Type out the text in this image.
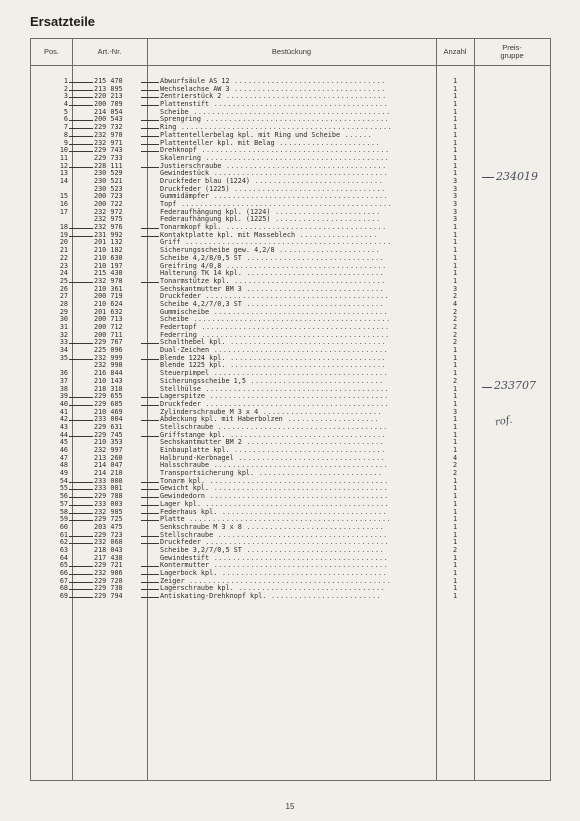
Ersatzteile
Pos.	Art.-Nr.	Bestückung	Anzahl	Preis-
gruppe
1	215 470	Abwurfsäule AS 12 .................................	1
2	213 895	Wechselachse AW 3 .................................	1
3	220 213	Zentrierstück 2 ...................................	1
4	200 709	Plattenstift ......................................	1
5	214 054	Scheibe ...........................................	1
6	200 543	Sprengring ........................................	1
7	229 732	Ring ..............................................	1
8	232 970	Plattentellerbelag kpl. mit Ring und Scheibe ......	1
9	232 971	Plattenteller kpl. mit Belag ......................	1
10	229 743	Drehknopf .........................................	1
11	229 733	Skalenring ........................................	1
12	228 111	Justierschraube ...................................	1
13	230 529	Gewindestück ......................................	1
14	230 521	Druckfeder blau (1224) ............................	3
230 523	Druckfeder (1225) .................................	3
15	200 723	Gummidämpfer ......................................	3
16	200 722	Topf ..............................................	3
17	232 972	Federaufhängung kpl. (1224) .......................	3
232 975	Federaufhängung kpl. (1225) .......................	3
18	232 976	Tonarmkopf kpl. ...................................	1
19	231 992	Kontaktplatte kpl. mit Masseblech .................	1
20	201 132	Griff .............................................	1
21	210 182	Sicherungsscheibe gew. 4,2/8 ......................	1
22	210 630	Scheibe 4,2/8/0,5 ST ..............................	1
23	210 197	Greifring 4/0,8 ...................................	1
24	215 430	Halterung TK 14 kpl. ..............................	1
25	232 978	Tonarmstütze kpl. .................................	1
26	210 361	Sechskantmutter BM 3 ..............................	3
27	200 719	Druckfeder ........................................	2
28	210 624	Scheibe 4,2/7/0,3 ST ..............................	4
29	201 632	Gummischeibe ......................................	2
30	200 713	Scheibe ...........................................	2
31	200 712	Federtopf .........................................	2
32	200 711	Federring .........................................	2
33	229 767	Schalthebel kpl. ..................................	2
34	225 096	Dual-Zeichen ......................................	1
35	232 999	Blende 1224 kpl. ..................................	1
232 998	Blende 1225 kpl. ..................................	1
36	216 844	Steuerpimpel ......................................	1
37	210 143	Sicherungsscheibe 1,5 .............................	2
38	218 318	Stellhülse ........................................	1
39	229 655	Lagerspitze .......................................	1
40	229 685	Druckfeder ........................................	1
41	210 469	Zylinderschraube M 3 x 4 ..........................	3
42	233 004	Abdeckung kpl. mit Haberbolzen ....................	1
43	229 631	Stellschraube .....................................	1
44	229 745	Griffstange kpl. ..................................	1
45	210 353	Sechskantmutter BM 2 ..............................	1
46	232 997	Einbauplatte kpl. .................................	1
47	213 260	Halbrund-Kerbnagel ................................	4
48	214 047	Halsschraube ......................................	2
49	214 210	Transportsicherung kpl. ...........................	2
54	233 000	Tonarm kpl. .......................................	1
55	233 001	Gewicht kpl. ......................................	1
56	229 788	Gewindedorn .......................................	1
57	233 003	Lager kpl. ........................................	1
58	232 985	Federhaus kpl. ....................................	1
59	229 725	Platte ............................................	1
60	203 475	Senkschraube M 3 x 8 ..............................	1
61	229 723	Stellschraube .....................................	1
62	232 068	Druckfeder ........................................	1
63	218 043	Scheibe 3,2/7/0,5 ST ..............................	2
64	217 438	Gewindestift ......................................	1
65	229 721	Kontermutter ......................................	1
66	232 986	Lagerbock kpl. ....................................	1
67	229 720	Zeiger ............................................	1
68	229 738	Lagerschraube kpl. ................................	1
69	229 794	Antiskating-Drehknopf kpl. ........................	1
234019
233707
rof.
15
